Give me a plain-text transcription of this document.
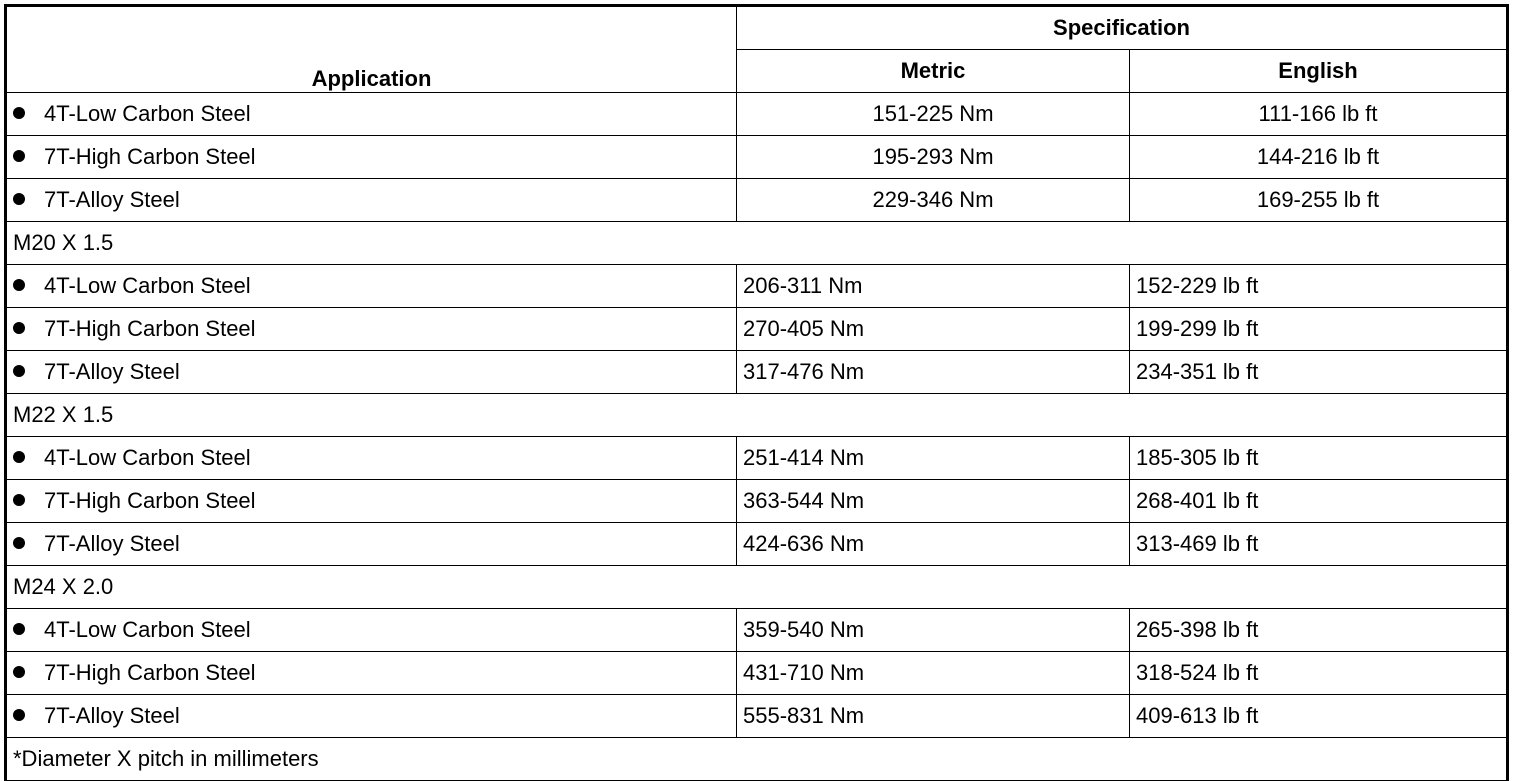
Application	Specification	
	Metric	English
4T-Low Carbon Steel	151-225 Nm	111-166 lb ft
7T-High Carbon Steel	195-293 Nm	144-216 lb ft
7T-Alloy Steel	229-346 Nm	169-255 lb ft
M20 X 1.5		
4T-Low Carbon Steel	206-311 Nm	152-229 lb ft
7T-High Carbon Steel	270-405 Nm	199-299 lb ft
7T-Alloy Steel	317-476 Nm	234-351 lb ft
M22 X 1.5		
4T-Low Carbon Steel	251-414 Nm	185-305 lb ft
7T-High Carbon Steel	363-544 Nm	268-401 lb ft
7T-Alloy Steel	424-636 Nm	313-469 lb ft
M24 X 2.0		
4T-Low Carbon Steel	359-540 Nm	265-398 lb ft
7T-High Carbon Steel	431-710 Nm	318-524 lb ft
7T-Alloy Steel	555-831 Nm	409-613 lb ft
*Diameter X pitch in millimeters		
